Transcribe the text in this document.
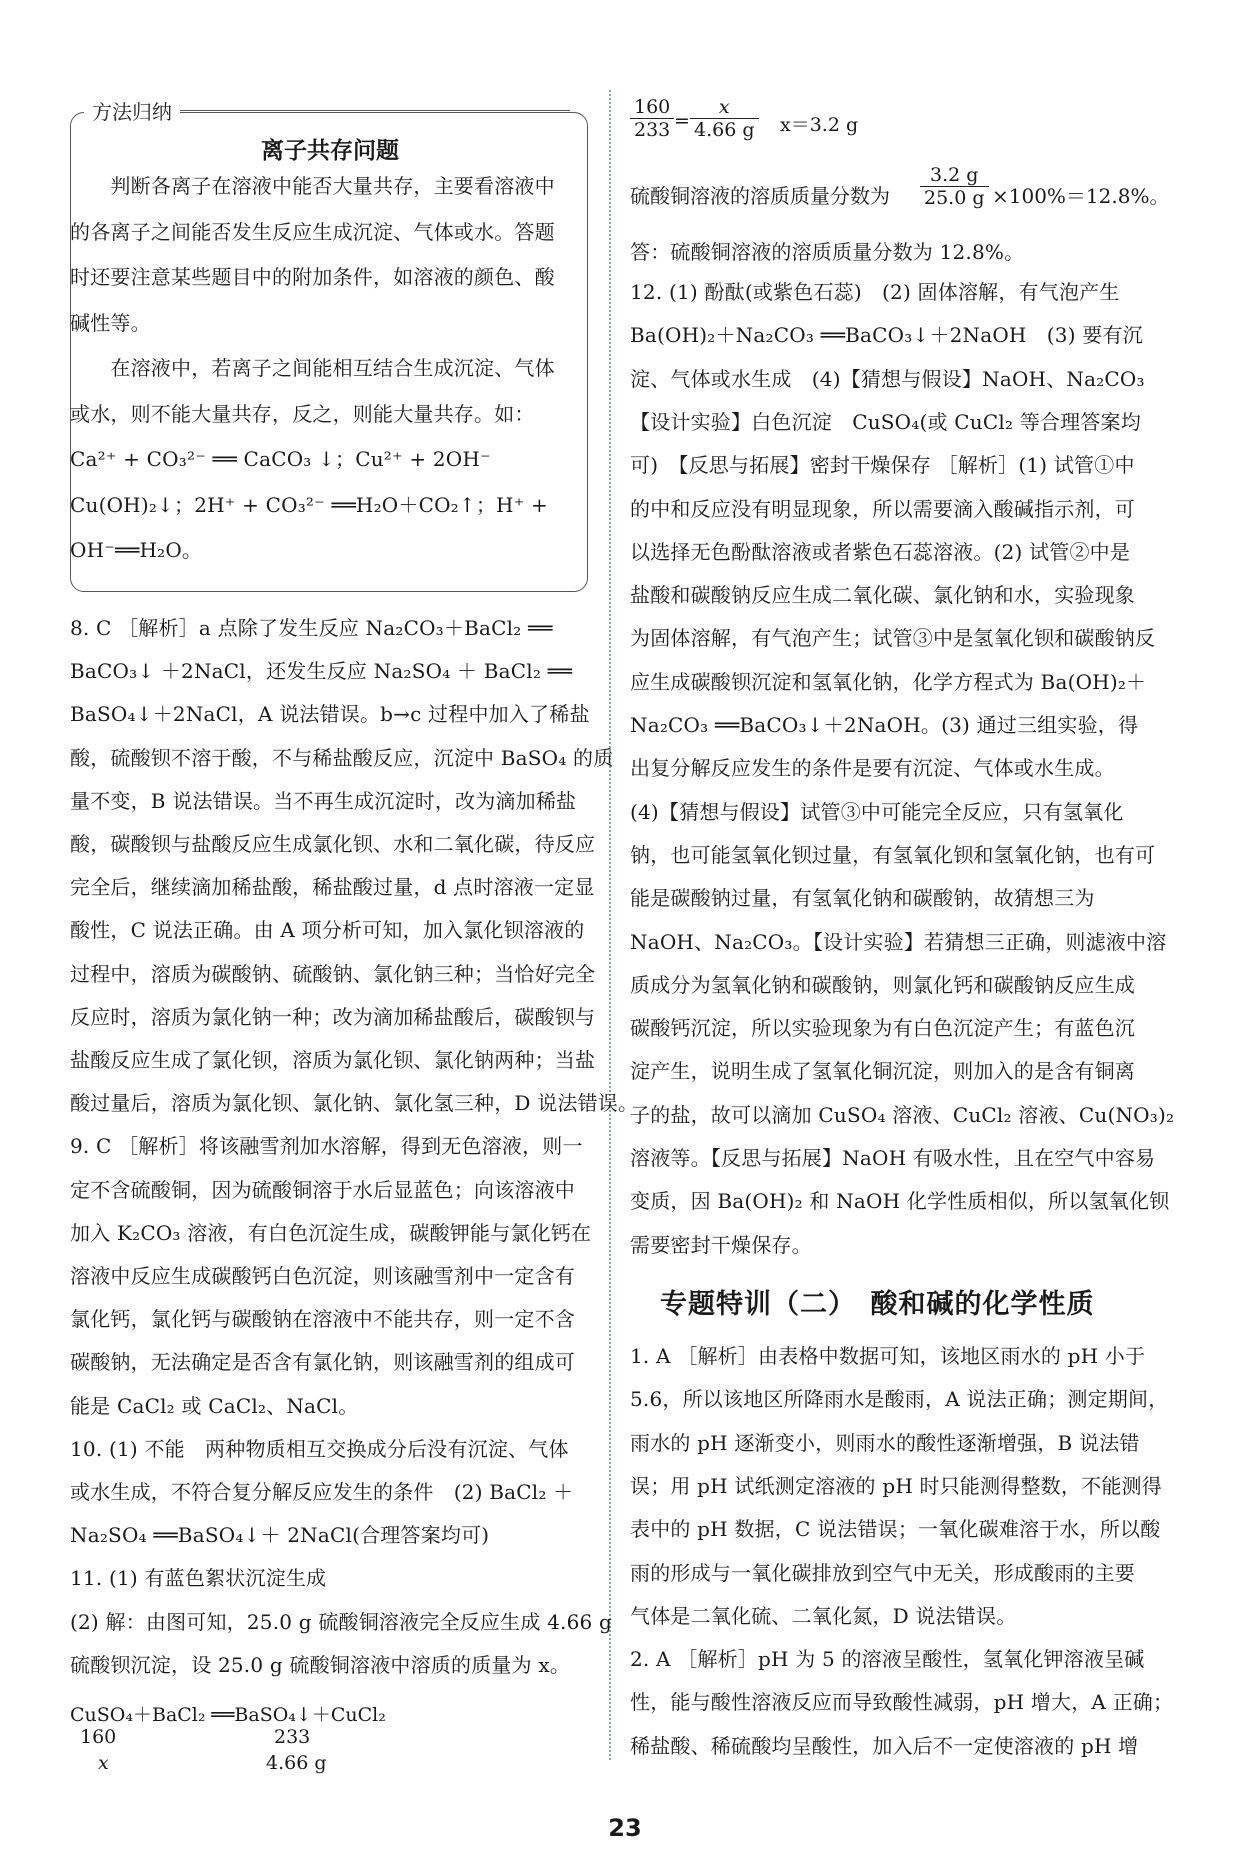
方法归纳
离子共存问题
　　判断各离子在溶液中能否大量共存，主要看溶液中
的各离子之间能否发生反应生成沉淀、气体或水。答题
时还要注意某些题目中的附加条件，如溶液的颜色、酸
碱性等。
　　在溶液中，若离子之间能相互结合生成沉淀、气体
或水，则不能大量共存，反之，则能大量共存。如：
Ca²⁺ + CO₃²⁻ ══ CaCO₃ ↓；Cu²⁺ + 2OH⁻
Cu(OH)₂↓；2H⁺ + CO₃²⁻ ══H₂O＋CO₂↑；H⁺ +
OH⁻══H₂O。
8. C ［解析］a 点除了发生反应 Na₂CO₃＋BaCl₂ ══
BaCO₃↓ ＋2NaCl，还发生反应 Na₂SO₄ ＋ BaCl₂ ══
BaSO₄↓＋2NaCl，A 说法错误。b→c 过程中加入了稀盐
酸，硫酸钡不溶于酸，不与稀盐酸反应，沉淀中 BaSO₄ 的质
量不变，B 说法错误。当不再生成沉淀时，改为滴加稀盐
酸，碳酸钡与盐酸反应生成氯化钡、水和二氧化碳，待反应
完全后，继续滴加稀盐酸，稀盐酸过量，d 点时溶液一定显
酸性，C 说法正确。由 A 项分析可知，加入氯化钡溶液的
过程中，溶质为碳酸钠、硫酸钠、氯化钠三种；当恰好完全
反应时，溶质为氯化钠一种；改为滴加稀盐酸后，碳酸钡与
盐酸反应生成了氯化钡，溶质为氯化钡、氯化钠两种；当盐
酸过量后，溶质为氯化钡、氯化钠、氯化氢三种，D 说法错误。
9. C ［解析］将该融雪剂加水溶解，得到无色溶液，则一
定不含硫酸铜，因为硫酸铜溶于水后显蓝色；向该溶液中
加入 K₂CO₃ 溶液，有白色沉淀生成，碳酸钾能与氯化钙在
溶液中反应生成碳酸钙白色沉淀，则该融雪剂中一定含有
氯化钙，氯化钙与碳酸钠在溶液中不能共存，则一定不含
碳酸钠，无法确定是否含有氯化钠，则该融雪剂的组成可
能是 CaCl₂ 或 CaCl₂、NaCl。
10. (1) 不能　两种物质相互交换成分后没有沉淀、气体
或水生成，不符合复分解反应发生的条件　(2) BaCl₂ ＋
Na₂SO₄ ══BaSO₄↓＋ 2NaCl(合理答案均可)
11. (1) 有蓝色絮状沉淀生成
(2) 解：由图可知，25.0 g 硫酸铜溶液完全反应生成 4.66 g
硫酸钡沉淀，设 25.0 g 硫酸铜溶液中溶质的质量为 x。
CuSO₄＋BaCl₂ ══BaSO₄↓＋CuCl₂
160	233
x	4.66 g
$\frac{160}{233} = \frac{x}{4.66 g} x=3.2$ g
硫酸铜溶液的溶质质量分数为 $\frac{3.2 g}{25.0 g} \times 100\%=12.8\%$。
答：硫酸铜溶液的溶质质量分数为 12.8%。
12. (1) 酚酞(或紫色石蕊)　(2) 固体溶解，有气泡产生
Ba(OH)₂＋Na₂CO₃ ══BaCO₃↓＋2NaOH　(3) 要有沉
淀、气体或水生成　(4)【猜想与假设】NaOH、Na₂CO₃
【设计实验】白色沉淀　CuSO₄(或 CuCl₂ 等合理答案均
可)　【反思与拓展】密封干燥保存 ［解析］(1) 试管①中
的中和反应没有明显现象，所以需要滴入酸碱指示剂，可
以选择无色酚酞溶液或者紫色石蕊溶液。(2) 试管②中是
盐酸和碳酸钠反应生成二氧化碳、氯化钠和水，实验现象
为固体溶解，有气泡产生；试管③中是氢氧化钡和碳酸钠反
应生成碳酸钡沉淀和氢氧化钠，化学方程式为 Ba(OH)₂＋
Na₂CO₃ ══BaCO₃↓＋2NaOH。(3) 通过三组实验，得
出复分解反应发生的条件是要有沉淀、气体或水生成。
(4)【猜想与假设】试管③中可能完全反应，只有氢氧化
钠，也可能氢氧化钡过量，有氢氧化钡和氢氧化钠，也有可
能是碳酸钠过量，有氢氧化钠和碳酸钠，故猜想三为
NaOH、Na₂CO₃。【设计实验】若猜想三正确，则滤液中溶
质成分为氢氧化钠和碳酸钠，则氯化钙和碳酸钠反应生成
碳酸钙沉淀，所以实验现象为有白色沉淀产生；有蓝色沉
淀产生，说明生成了氢氧化铜沉淀，则加入的是含有铜离
子的盐，故可以滴加 CuSO₄ 溶液、CuCl₂ 溶液、Cu(NO₃)₂
溶液等。【反思与拓展】NaOH 有吸水性，且在空气中容易
变质，因 Ba(OH)₂ 和 NaOH 化学性质相似，所以氢氧化钡
需要密封干燥保存。
专题特训（二）　酸和碱的化学性质
1. A ［解析］由表格中数据可知，该地区雨水的 pH 小于
5.6，所以该地区所降雨水是酸雨，A 说法正确；测定期间，
雨水的 pH 逐渐变小，则雨水的酸性逐渐增强，B 说法错
误；用 pH 试纸测定溶液的 pH 时只能测得整数，不能测得
表中的 pH 数据，C 说法错误；一氧化碳难溶于水，所以酸
雨的形成与一氧化碳排放到空气中无关，形成酸雨的主要
气体是二氧化硫、二氧化氮，D 说法错误。
2. A ［解析］pH 为 5 的溶液呈酸性，氢氧化钾溶液呈碱
性，能与酸性溶液反应而导致酸性减弱，pH 增大，A 正确；
稀盐酸、稀硫酸均呈酸性，加入后不一定使溶液的 pH 增
23
